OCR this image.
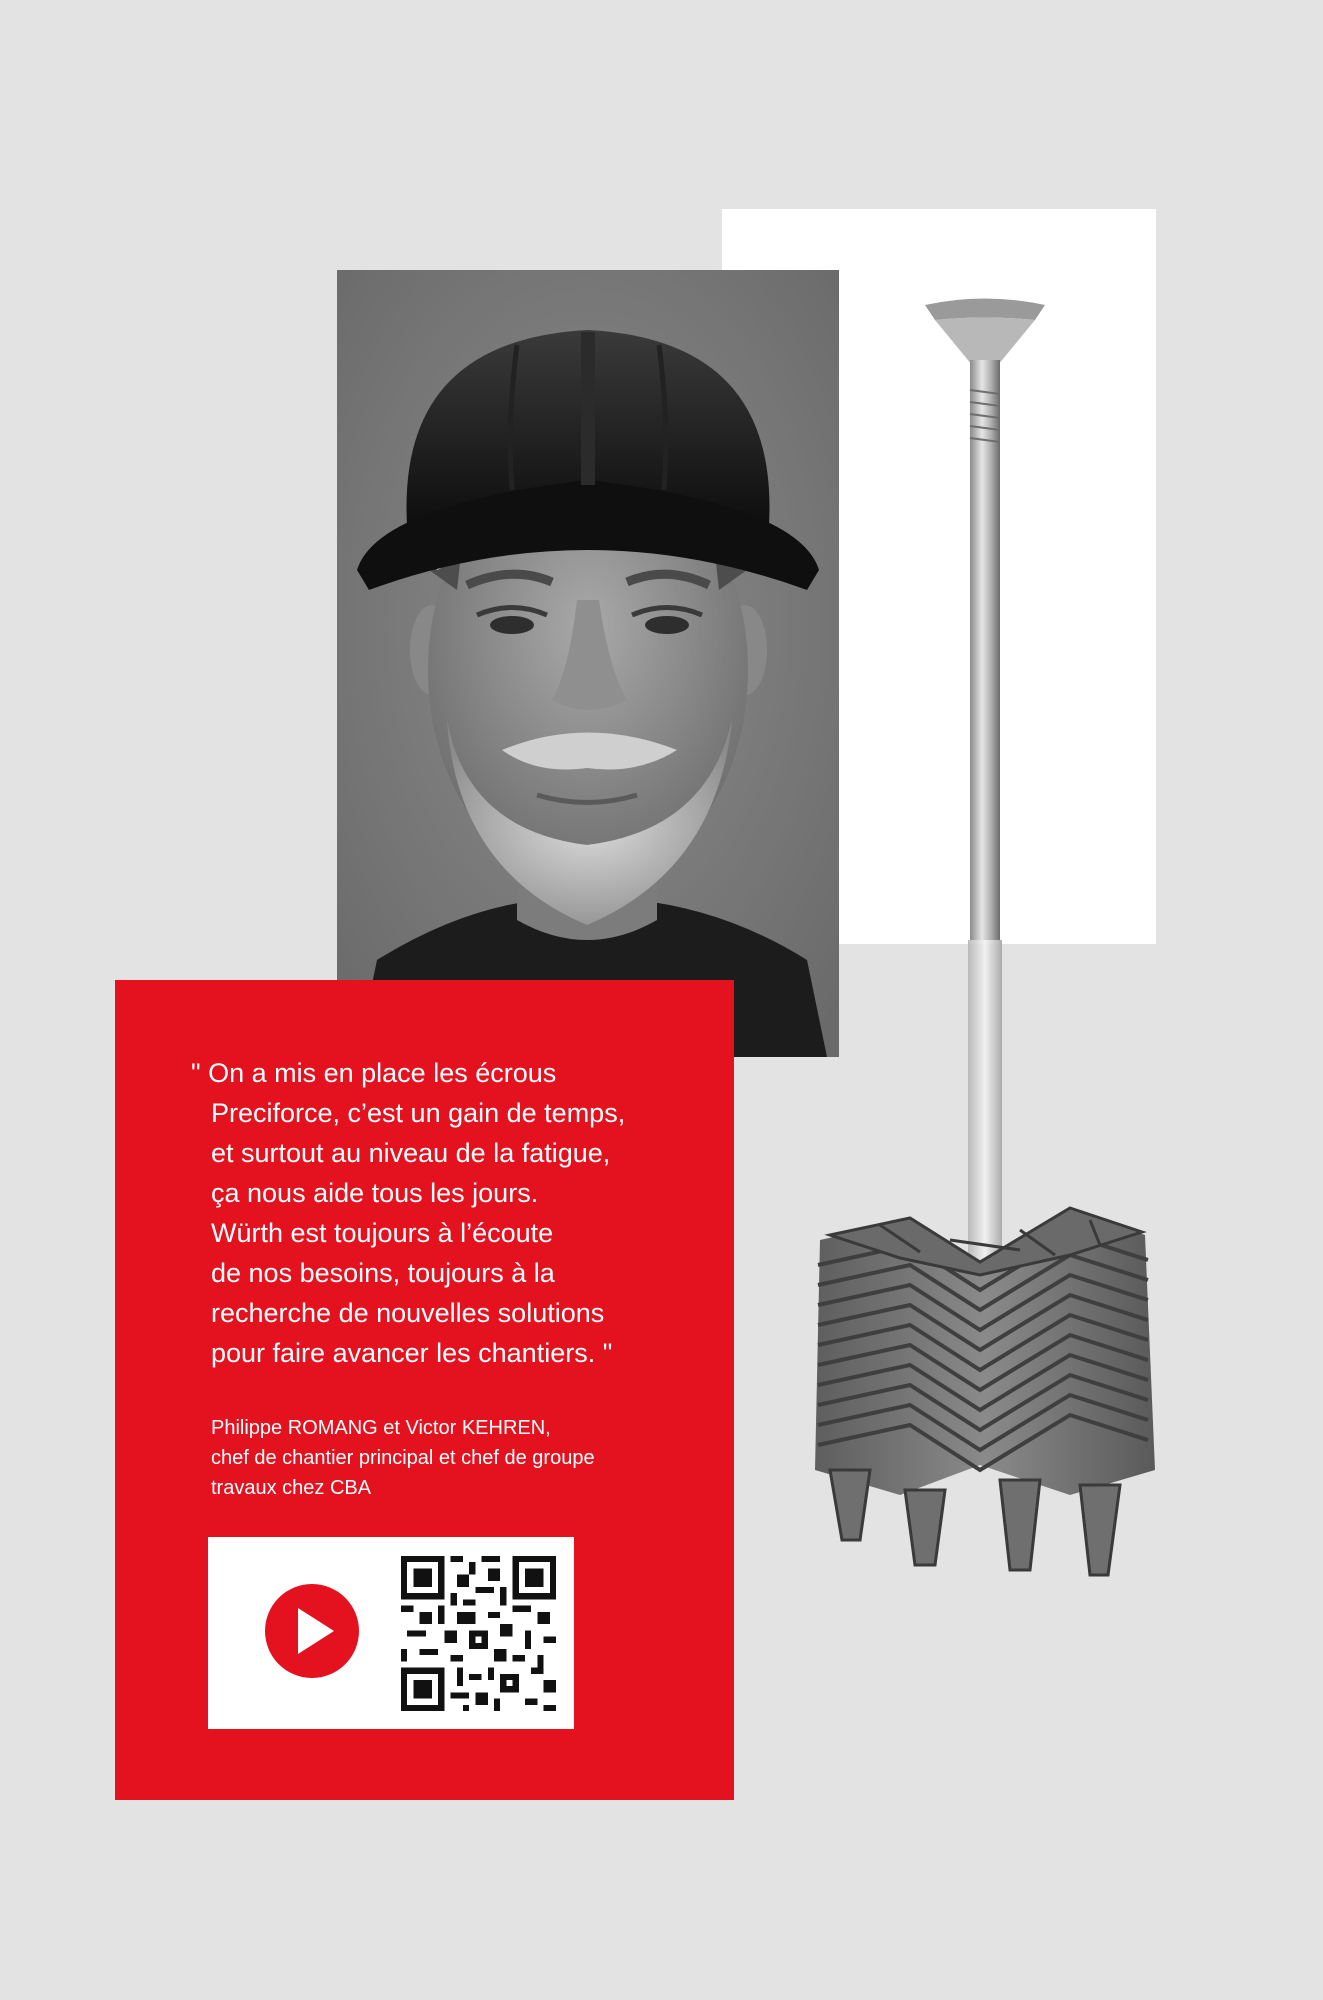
" On a mis en place les écrous
Preciforce, c’est un gain de temps,
et surtout au niveau de la fatigue,
ça nous aide tous les jours.
Würth est toujours à l’écoute
de nos besoins, toujours à la
recherche de nouvelles solutions
pour faire avancer les chantiers. "

Philippe ROMANG et Victor KEHREN,
chef de chantier principal et chef de groupe
travaux chez CBA
